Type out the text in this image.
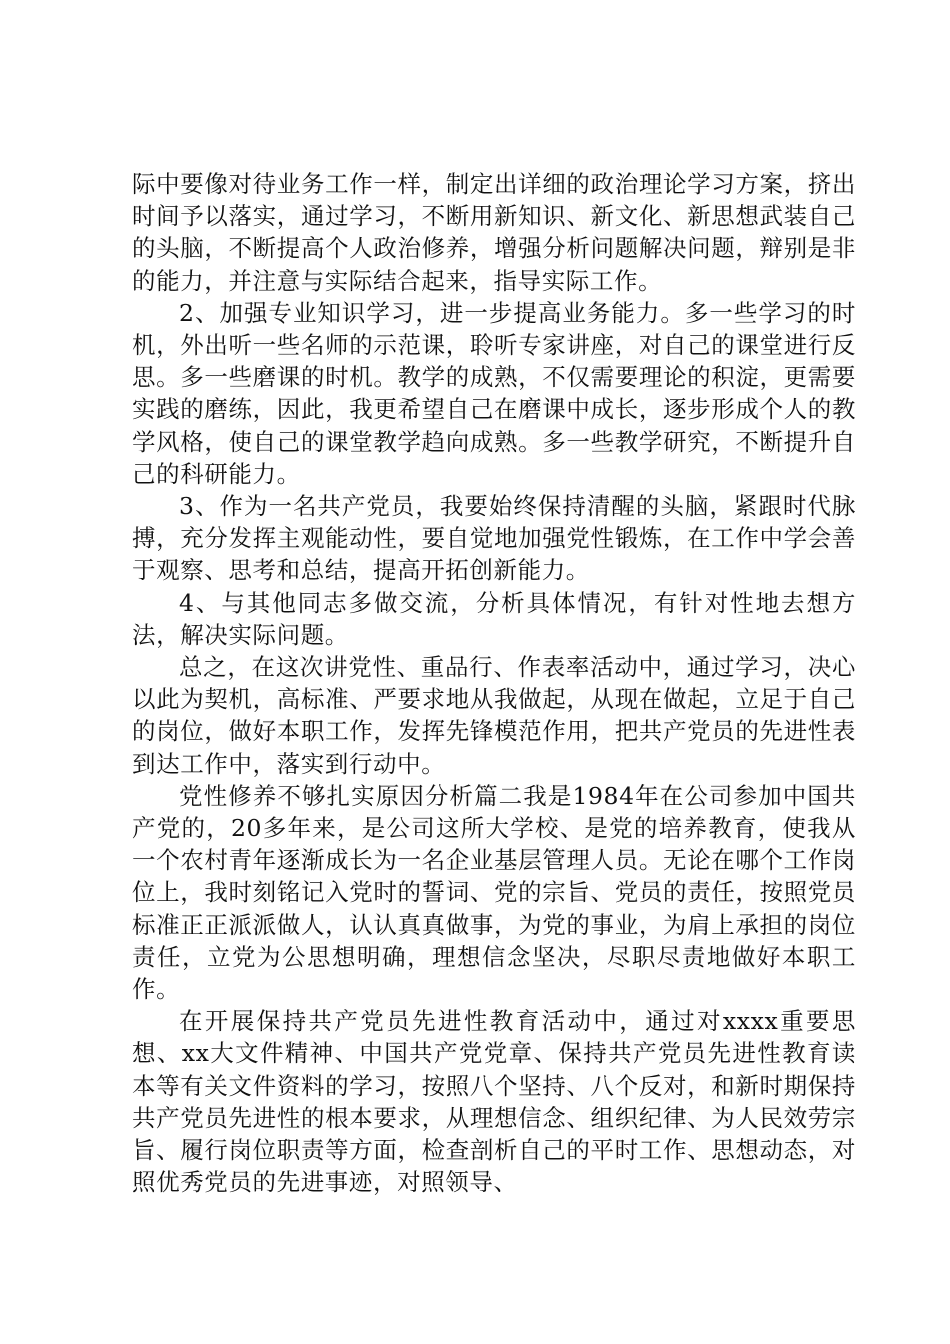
际中要像对待业务工作一样，制定出详细的政治理论学习方案，挤出时间予以落实，通过学习，不断用新知识、新文化、新思想武装自己的头脑，不断提高个人政治修养，增强分析问题解决问题，辩别是非的能力，并注意与实际结合起来，指导实际工作。

2、加强专业知识学习，进一步提高业务能力。多一些学习的时机，外出听一些名师的示范课，聆听专家讲座，对自己的课堂进行反思。多一些磨课的时机。教学的成熟，不仅需要理论的积淀，更需要实践的磨练，因此，我更希望自己在磨课中成长，逐步形成个人的教学风格，使自己的课堂教学趋向成熟。多一些教学研究，不断提升自己的科研能力。

3、作为一名共产党员，我要始终保持清醒的头脑，紧跟时代脉搏，充分发挥主观能动性，要自觉地加强党性锻炼，在工作中学会善于观察、思考和总结，提高开拓创新能力。

4、与其他同志多做交流，分析具体情况，有针对性地去想方法，解决实际问题。

总之，在这次讲党性、重品行、作表率活动中，通过学习，决心以此为契机，高标准、严要求地从我做起，从现在做起，立足于自己的岗位，做好本职工作，发挥先锋模范作用，把共产党员的先进性表到达工作中，落实到行动中。

党性修养不够扎实原因分析篇二我是1984年在公司参加中国共产党的，20多年来，是公司这所大学校、是党的培养教育，使我从一个农村青年逐渐成长为一名企业基层管理人员。无论在哪个工作岗位上，我时刻铭记入党时的誓词、党的宗旨、党员的责任，按照党员标准正正派派做人，认认真真做事，为党的事业，为肩上承担的岗位责任，立党为公思想明确，理想信念坚决，尽职尽责地做好本职工作。

在开展保持共产党员先进性教育活动中，通过对xxxx重要思想、xx大文件精神、中国共产党党章、保持共产党员先进性教育读本等有关文件资料的学习，按照八个坚持、八个反对，和新时期保持共产党员先进性的根本要求，从理想信念、组织纪律、为人民效劳宗旨、履行岗位职责等方面，检查剖析自己的平时工作、思想动态，对照优秀党员的先进事迹，对照领导、
